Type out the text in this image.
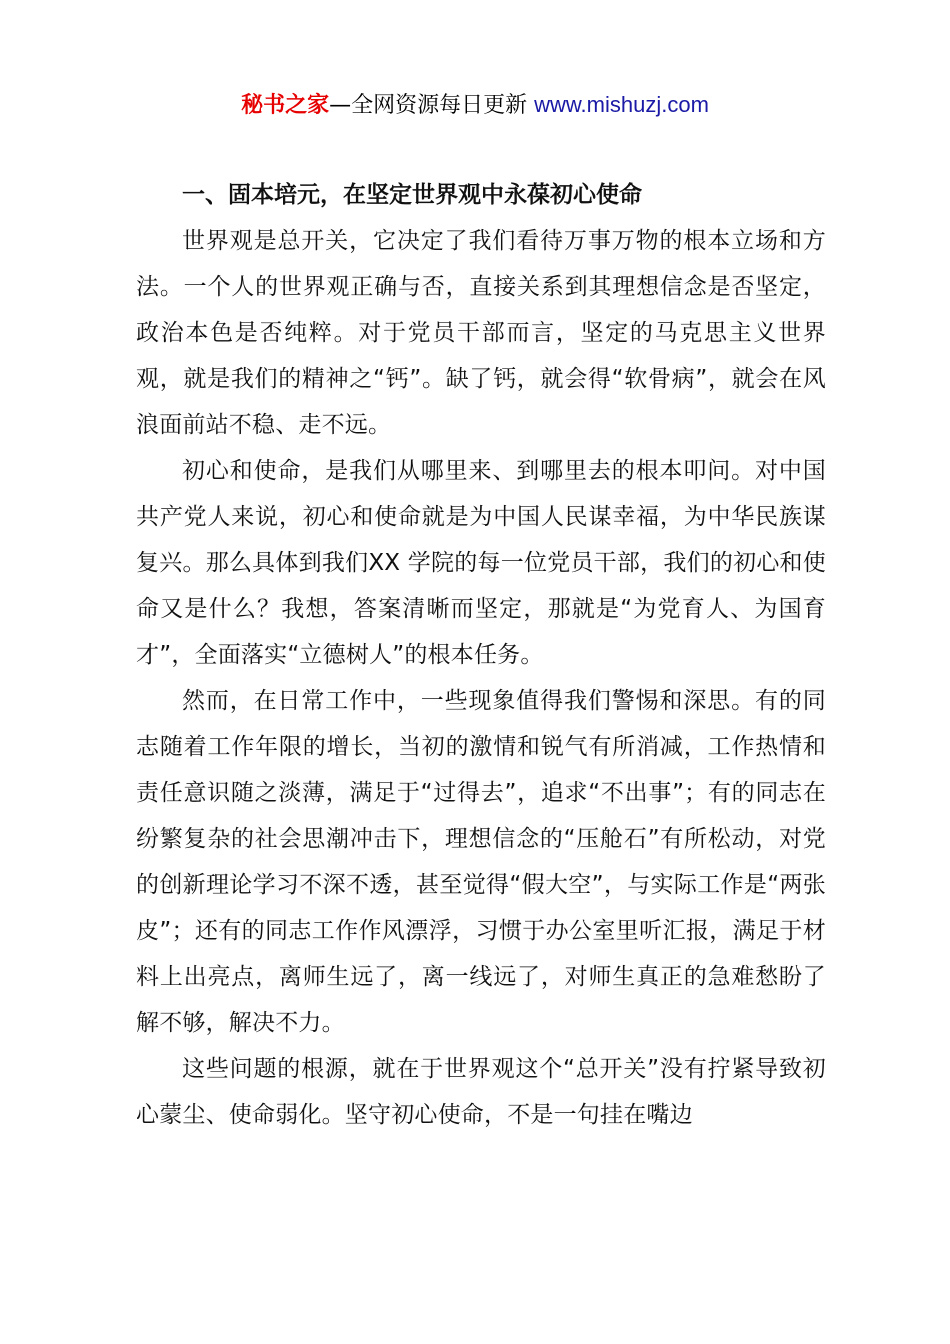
秘书之家—全网资源每日更新 www.mishuzj.com

一、固本培元，在坚定世界观中永葆初心使命

世界观是总开关，它决定了我们看待万事万物的根本立场和方法。一个人的世界观正确与否，直接关系到其理想信念是否坚定，政治本色是否纯粹。对于党员干部而言，坚定的马克思主义世界观，就是我们的精神之“钙”。缺了钙，就会得“软骨病”，就会在风浪面前站不稳、走不远。

初心和使命，是我们从哪里来、到哪里去的根本叩问。对中国共产党人来说，初心和使命就是为中国人民谋幸福，为中华民族谋复兴。那么具体到我们XX 学院的每一位党员干部，我们的初心和使命又是什么？我想，答案清晰而坚定，那就是“为党育人、为国育才”，全面落实“立德树人”的根本任务。

然而，在日常工作中，一些现象值得我们警惕和深思。有的同志随着工作年限的增长，当初的激情和锐气有所消减，工作热情和责任意识随之淡薄，满足于“过得去”，追求“不出事”；有的同志在纷繁复杂的社会思潮冲击下，理想信念的“压舱石”有所松动，对党的创新理论学习不深不透，甚至觉得“假大空”，与实际工作是“两张皮”；还有的同志工作作风漂浮，习惯于办公室里听汇报，满足于材料上出亮点，离师生远了，离一线远了，对师生真正的急难愁盼了解不够，解决不力。

这些问题的根源，就在于世界观这个“总开关”没有拧紧导致初心蒙尘、使命弱化。坚守初心使命，不是一句挂在嘴边
